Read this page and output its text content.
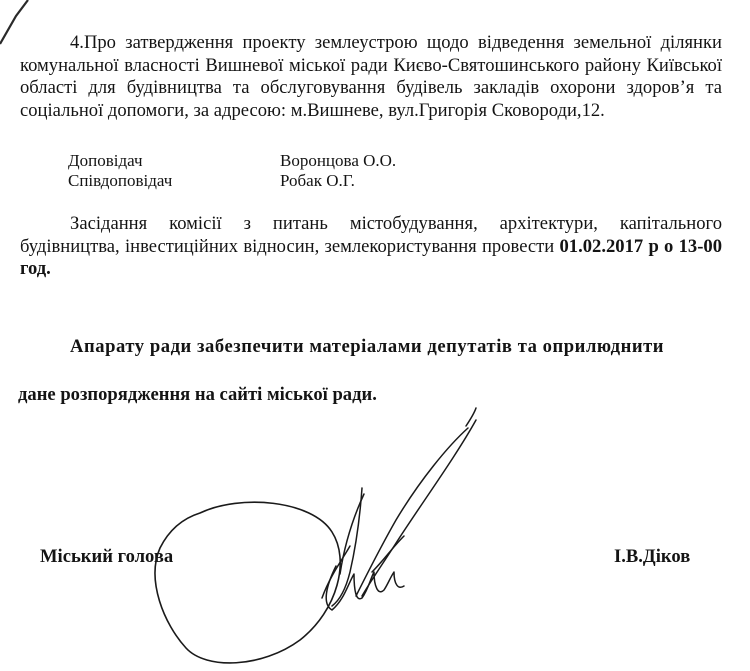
4.Про затвердження проекту землеустрою щодо відведення земельної ділянки комунальної власності Вишневої міської ради Києво-Святошинського району Київської області для будівництва та обслуговування будівель закладів охорони здоров’я та соціальної допомоги, за адресою: м.Вишневе, вул.Григорія Сковороди,12.

Доповідач	Воронцова О.О.
Співдоповідач	Робак О.Г.

Засідання комісії з питань містобудування, архітектури, капітального будівництва, інвестиційних відносин, землекористування провести 01.02.2017 р о 13-00 год.

Апарату ради забезпечити матеріалами депутатів та оприлюднити
дане розпорядження на сайті міської ради.
Міський голова	І.В.Діков
